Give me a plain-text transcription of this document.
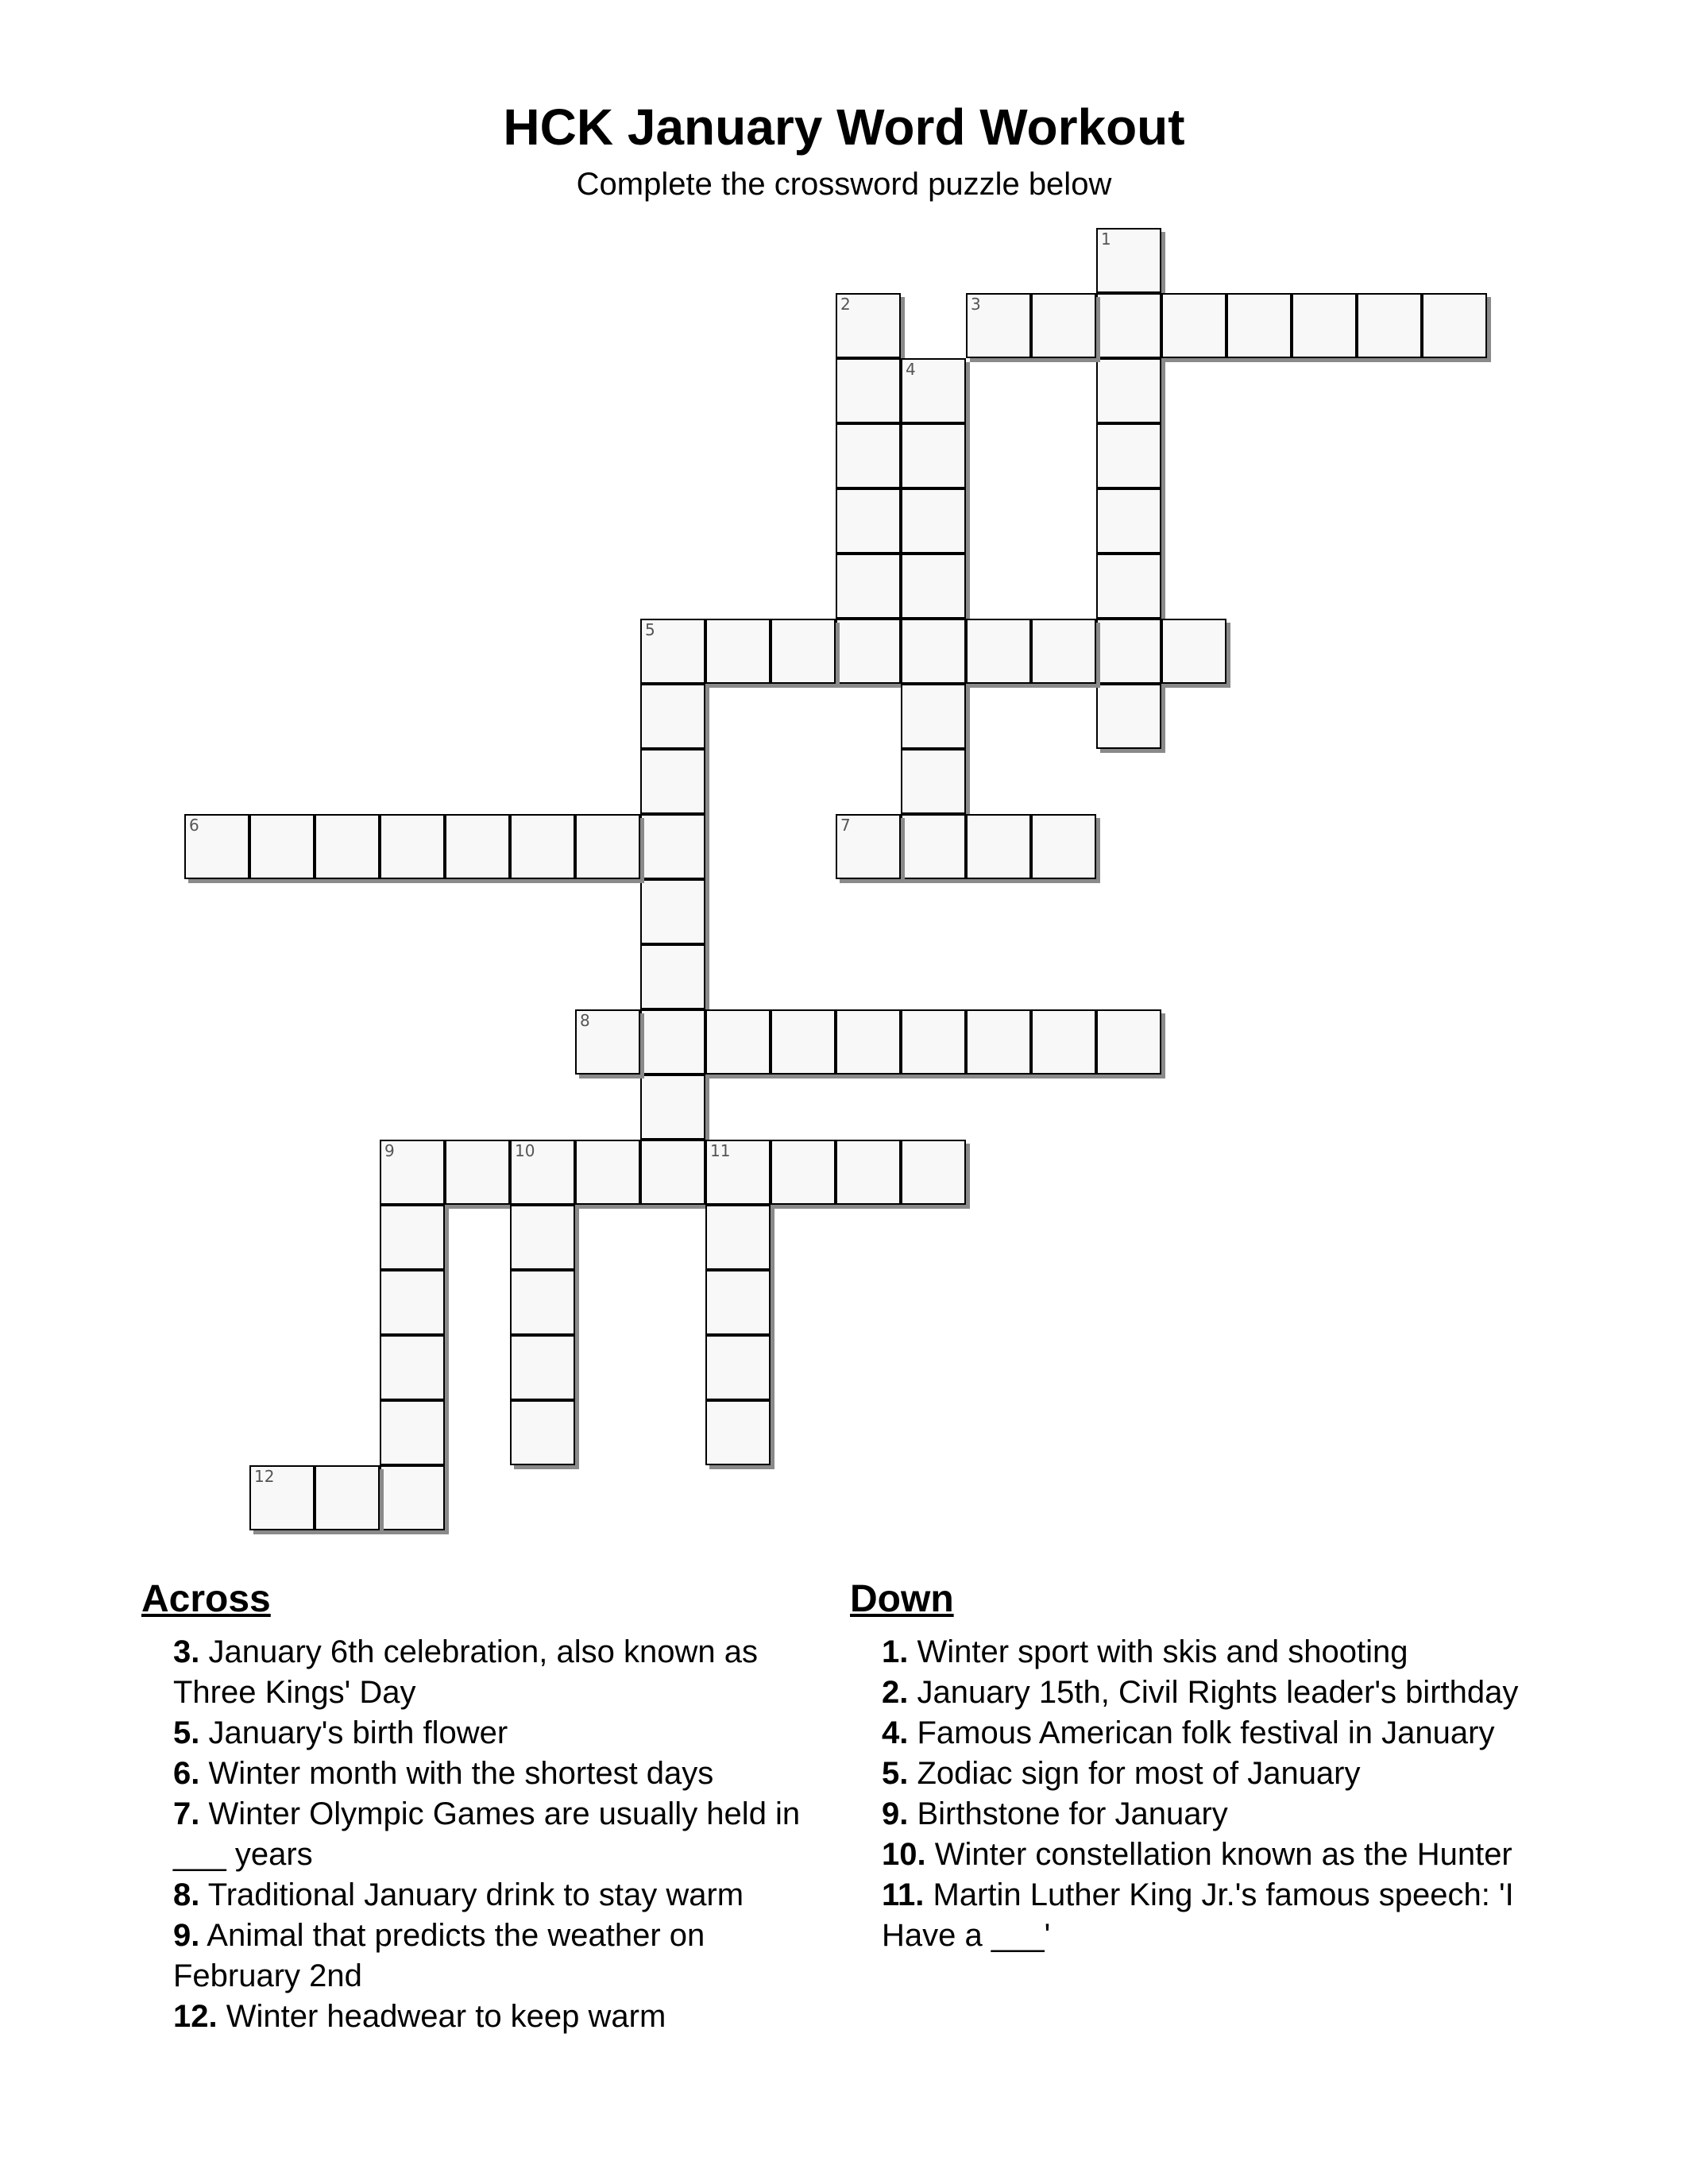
HCK January Word Workout
Complete the crossword puzzle below
1
2	3
4
5
6	7
8
9	10	11
12
Across

3. January 6th celebration, also known as Three Kings' Day

5. January's birth flower

6. Winter month with the shortest days

7. Winter Olympic Games are usually held in ___ years

8. Traditional January drink to stay warm

9. Animal that predicts the weather on February 2nd

12. Winter headwear to keep warm

Down

1. Winter sport with skis and shooting

2. January 15th, Civil Rights leader's birthday

4. Famous American folk festival in January

5. Zodiac sign for most of January

9. Birthstone for January

10. Winter constellation known as the Hunter

11. Martin Luther King Jr.'s famous speech: 'I Have a ___'
